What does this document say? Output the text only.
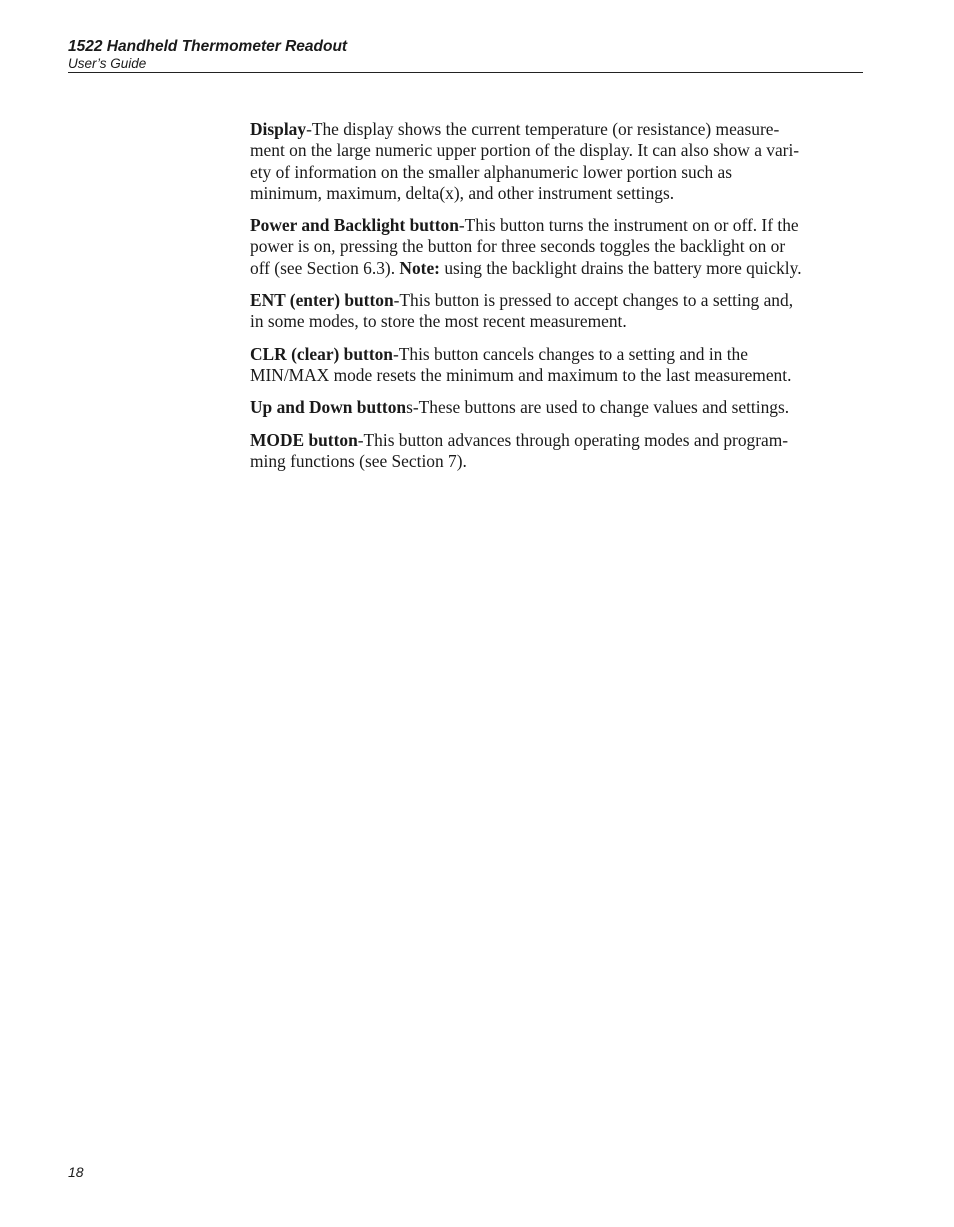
1522 Handheld Thermometer Readout
User’s Guide

Display-The display shows the current temperature (or resistance) measure-
ment on the large numeric upper portion of the display. It can also show a vari-
ety of information on the smaller alphanumeric lower portion such as
minimum, maximum, delta(x), and other instrument settings.

Power and Backlight button-This button turns the instrument on or off. If the
power is on, pressing the button for three seconds toggles the backlight on or
off (see Section 6.3). Note: using the backlight drains the battery more quickly.

ENT (enter) button-This button is pressed to accept changes to a setting and,
in some modes, to store the most recent measurement.

CLR (clear) button-This button cancels changes to a setting and in the
MIN/MAX mode resets the minimum and maximum to the last measurement.

Up and Down buttons-These buttons are used to change values and settings.

MODE button-This button advances through operating modes and program-
ming functions (see Section 7).

18
